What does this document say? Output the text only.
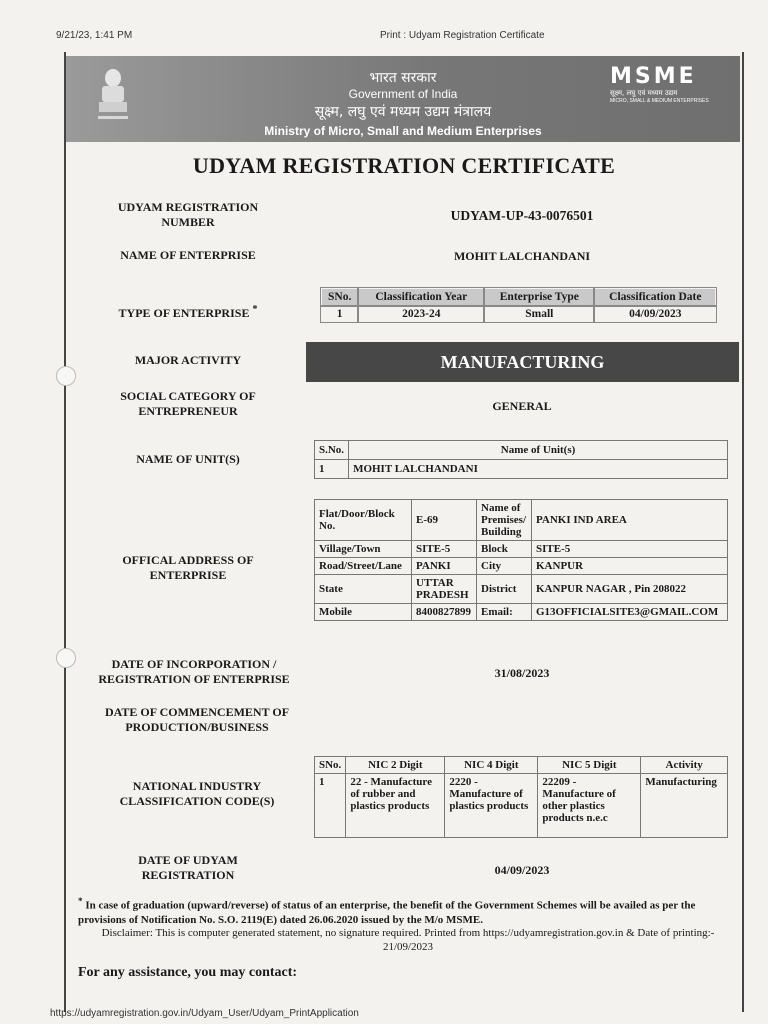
9/21/23, 1:41 PM	Print : Udyam Registration Certificate
भारत सरकार
Government of India
सूक्ष्म, लघु एवं मध्यम उद्यम मंत्रालय
Ministry of Micro, Small and Medium Enterprises
MSME
सूक्ष्म, लघु एवं मध्यम उद्यम
MICRO, SMALL & MEDIUM ENTERPRISES
UDYAM REGISTRATION CERTIFICATE
UDYAM REGISTRATION NUMBER	UDYAM-UP-43-0076501
NAME OF ENTERPRISE	MOHIT LALCHANDANI
TYPE OF ENTERPRISE *
SNo.	Classification Year	Enterprise Type	Classification Date
1	2023-24	Small	04/09/2023
MAJOR ACTIVITY	MANUFACTURING
SOCIAL CATEGORY OF ENTREPRENEUR	GENERAL
NAME OF UNIT(S)
S.No.	Name of Unit(s)
1	MOHIT LALCHANDANI
OFFICAL ADDRESS OF ENTERPRISE
Flat/Door/Block No.	E-69	Name of Premises/ Building	PANKI IND AREA
Village/Town	SITE-5	Block	SITE-5
Road/Street/Lane	PANKI	City	KANPUR
State	UTTAR PRADESH	District	KANPUR NAGAR , Pin 208022
Mobile	8400827899	Email:	G13OFFICIALSITE3@GMAIL.COM
DATE OF INCORPORATION / REGISTRATION OF ENTERPRISE	31/08/2023
DATE OF COMMENCEMENT OF PRODUCTION/BUSINESS
NATIONAL INDUSTRY CLASSIFICATION CODE(S)
SNo.	NIC 2 Digit	NIC 4 Digit	NIC 5 Digit	Activity
1	22 - Manufacture of rubber and plastics products	2220 - Manufacture of plastics products	22209 - Manufacture of other plastics products n.e.c	Manufacturing
DATE OF UDYAM REGISTRATION	04/09/2023
* In case of graduation (upward/reverse) of status of an enterprise, the benefit of the Government Schemes will be availed as per the provisions of Notification No. S.O. 2119(E) dated 26.06.2020 issued by the M/o MSME.
Disclaimer: This is computer generated statement, no signature required. Printed from https://udyamregistration.gov.in & Date of printing:- 21/09/2023
For any assistance, you may contact:
https://udyamregistration.gov.in/Udyam_User/Udyam_PrintApplication
